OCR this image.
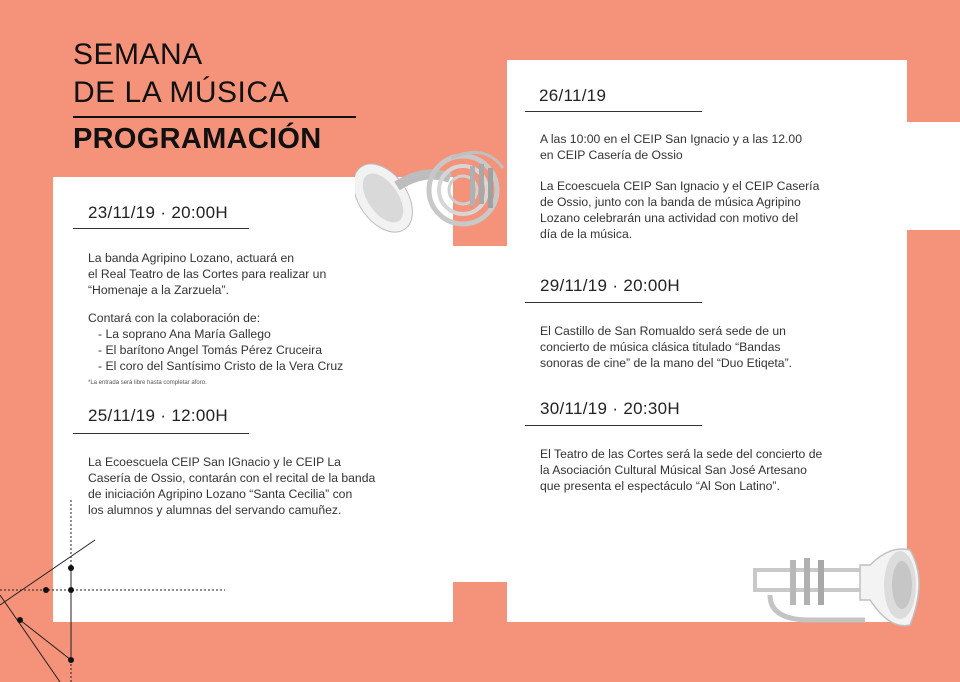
SEMANA
DE LA MÚSICA
PROGRAMACIÓN
23/11/19 · 20:00H
La banda Agripino Lozano, actuará en
el Real Teatro de las Cortes para realizar un
“Homenaje a la Zarzuela”.
Contará con la colaboración de:
- La soprano Ana María Gallego
- El barítono Angel Tomás Pérez Cruceira
- El coro del Santísimo Cristo de la Vera Cruz
*La entrada será libre hasta completar aforo.
25/11/19 · 12:00H
La Ecoescuela CEIP San IGnacio y le CEIP La
Casería de Ossio, contarán con el recital de la banda
de iniciación Agripino Lozano “Santa Cecilia” con
los alumnos y alumnas del servando camuñez.
26/11/19
A las 10:00 en el CEIP San Ignacio y a las 12.00
en CEIP Casería de Ossio
La Ecoescuela CEIP San Ignacio y el CEIP Casería
de Ossio, junto con la banda de música Agripino
Lozano celebrarán una actividad con motivo del
día de la música.
29/11/19 · 20:00H
El Castillo de San Romualdo será sede de un
concierto de música clásica titulado “Bandas
sonoras de cine” de la mano del “Duo Etiqeta”.
30/11/19 · 20:30H
El Teatro de las Cortes será la sede del concierto de
la Asociación Cultural Músical San José Artesano
que presenta el espectáculo “Al Son Latino”.
